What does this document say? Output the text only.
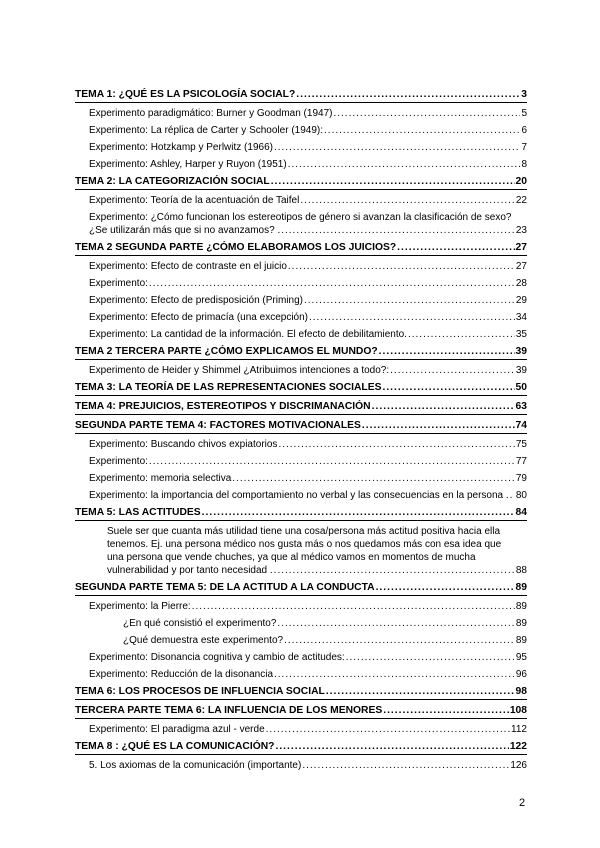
TEMA 1: ¿QUÉ ES LA PSICOLOGÍA SOCIAL? .....	3
Experimento paradigmático: Burner y Goodman (1947) .....	5
Experimento: La réplica de Carter y Schooler (1949): .....	6
Experimento: Hotzkamp y Perlwitz (1966) .....	7
Experimento: Ashley, Harper y Ruyon (1951) .....	8
TEMA 2: LA CATEGORIZACIÓN SOCIAL .....	20
Experimento: Teoría de la acentuación de Taifel .....	22
Experimento: ¿Cómo funcionan los estereotipos de género si avanzan la clasificación de sexo? ¿Se utilizarán más que si no avanzamos? ............................................................... 23
TEMA 2 SEGUNDA PARTE ¿CÓMO ELABORAMOS LOS JUICIOS? .....	27
Experimento: Efecto de contraste en el juicio .....	27
Experimento: .....	28
Experimento: Efecto de predisposición (Priming) .....	29
Experimento: Efecto de primacía (una excepción) .....	34
Experimento: La cantidad de la información. El efecto de debilitamiento. .....	35
TEMA 2 TERCERA PARTE ¿CÓMO EXPLICAMOS EL MUNDO? .....	39
Experimento de Heider y Shimmel ¿Atribuimos intenciones a todo?: .....	39
TEMA 3: LA TEORÍA DE LAS REPRESENTACIONES SOCIALES .....	50
TEMA 4: PREJUICIOS, ESTEREOTIPOS Y DISCRIMANACIÓN .....	63
SEGUNDA PARTE TEMA 4: FACTORES MOTIVACIONALES .....	74
Experimento: Buscando chivos expiatorios .....	75
Experimento: .....	77
Experimento: memoria selectiva .....	79
Experimento: la importancia del comportamiento no verbal y las consecuencias en la persona .. 80
TEMA 5: LAS ACTITUDES .....	84
Suele ser que cuanta más utilidad tiene una cosa/persona más actitud positiva hacia ella tenemos. Ej. una persona médico nos gusta más o nos quedamos más con esa idea que una persona que vende chuches, ya que al médico vamos en momentos de mucha vulnerabilidad y por tanto necesidad ................................................................. 88
SEGUNDA PARTE TEMA 5: DE LA ACTITUD A LA CONDUCTA .....	89
Experimento: la Pierre: .....	89
¿En qué consistió el experimento? .....	89
¿Qué demuestra este experimento? .....	89
Experimento: Disonancia cognitiva y cambio de actitudes: .....	95
Experimento: Reducción de la disonancia .....	96
TEMA 6: LOS PROCESOS DE INFLUENCIA SOCIAL .....	98
TERCERA PARTE TEMA 6: LA INFLUENCIA DE LOS MENORES .....	108
Experimento: El paradigma azul - verde .....	112
TEMA 8 : ¿QUÉ ES LA COMUNICACIÓN? .....	122
5. Los axiomas de la comunicación (importante) .....	126
2
